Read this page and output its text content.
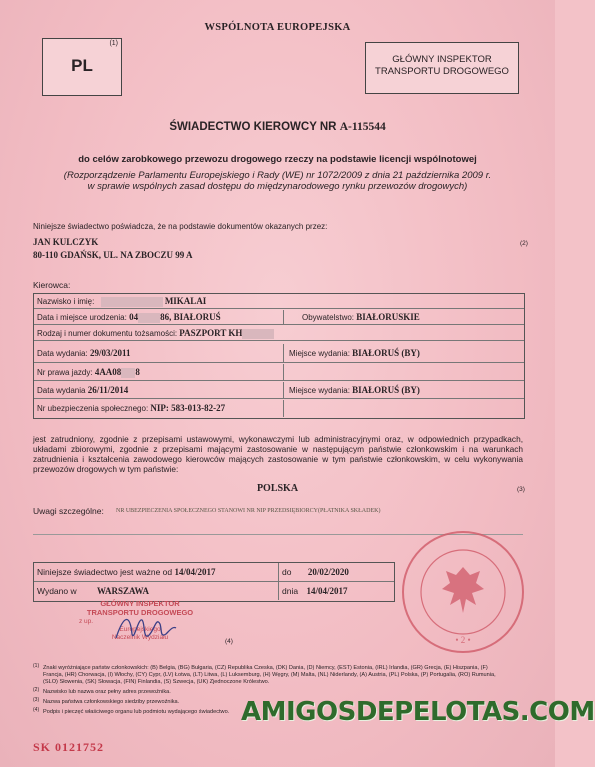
WSPÓLNOTA EUROPEJSKA
(1)
PL	GŁÓWNY INSPEKTOR TRANSPORTU DROGOWEGO
ŚWIADECTWO KIEROWCY NR A-115544
do celów zarobkowego przewozu drogowego rzeczy na podstawie licencji wspólnotowej
(Rozporządzenie Parlamentu Europejskiego i Rady (WE) nr 1072/2009 z dnia 21 października 2009 r. w sprawie wspólnych zasad dostępu do międzynarodowego rynku przewozów drogowych)
Niniejsze świadectwo poświadcza, że na podstawie dokumentów okazanych przez:
JAN KULCZYK
80-110 GDAŃSK, UL. NA ZBOCZU 99 A
(2)
Kierowca:
Nazwisko i imię:	MIKALAI
Data i miejsce urodzenia: 04 86, BIAŁORUŚ	Obywatelstwo: BIAŁORUSKIE
Rodzaj i numer dokumentu tożsamości: PASZPORT KH
Data wydania: 29/03/2011	Miejsce wydania: BIAŁORUŚ (BY)
Nr prawa jazdy: 4AA08 8
Data wydania 26/11/2014	Miejsce wydania: BIAŁORUŚ (BY)
Nr ubezpieczenia społecznego: NIP: 583-013-82-27
jest zatrudniony, zgodnie z przepisami ustawowymi, wykonawczymi lub administracyjnymi oraz, w odpowiednich przypadkach, układami zbiorowymi, zgodnie z przepisami mającymi zastosowanie w następującym państwie członkowskim i na warunkach zatrudnienia i kształcenia zawodowego kierowców mających zastosowanie w tym państwie członkowskim, w celu wykonywania przewozów drogowych w tym państwie:
POLSKA	(3)
Uwagi szczególne: NR UBEZPIECZENIA SPOŁECZNEGO STANOWI NR NIP PRZEDSIĘBIORCY(PŁATNIKA SKŁADEK)
Niniejsze świadectwo jest ważne od 14/04/2017	do 20/02/2020
Wydano w WARSZAWA	dnia 14/04/2017
GŁÓWNY INSPEKTOR
TRANSPORTU DROGOWEGO
z up.
Europejskiego
Naczelnik Wydziału
(4)	• 2 •
(1) Znaki wyróżniające państw członkowskich: (B) Belgia, (BG) Bułgaria, (CZ) Republika Czeska, (DK) Dania, (D) Niemcy, (EST) Estonia, (IRL) Irlandia, (GR) Grecja, (E) Hiszpania, (F) Francja, (HR) Chorwacja, (I) Włochy, (CY) Cypr, (LV) Łotwa, (LT) Litwa, (L) Luksemburg, (H) Węgry, (M) Malta, (NL) Niderlandy, (A) Austria, (PL) Polska, (P) Portugalia, (RO) Rumunia, (SLO) Słowenia, (SK) Słowacja, (FIN) Finlandia, (S) Szwecja, (UK) Zjednoczone Królestwo.
(2) Nazwisko lub nazwa oraz pełny adres przewoźnika.
(3) Nazwa państwa członkowskiego siedziby przewoźnika.
(4) Podpis i pieczęć właściwego organu lub podmiotu wydającego świadectwo. AMIGOSDEPELOTAS.COM
SK 0121752
